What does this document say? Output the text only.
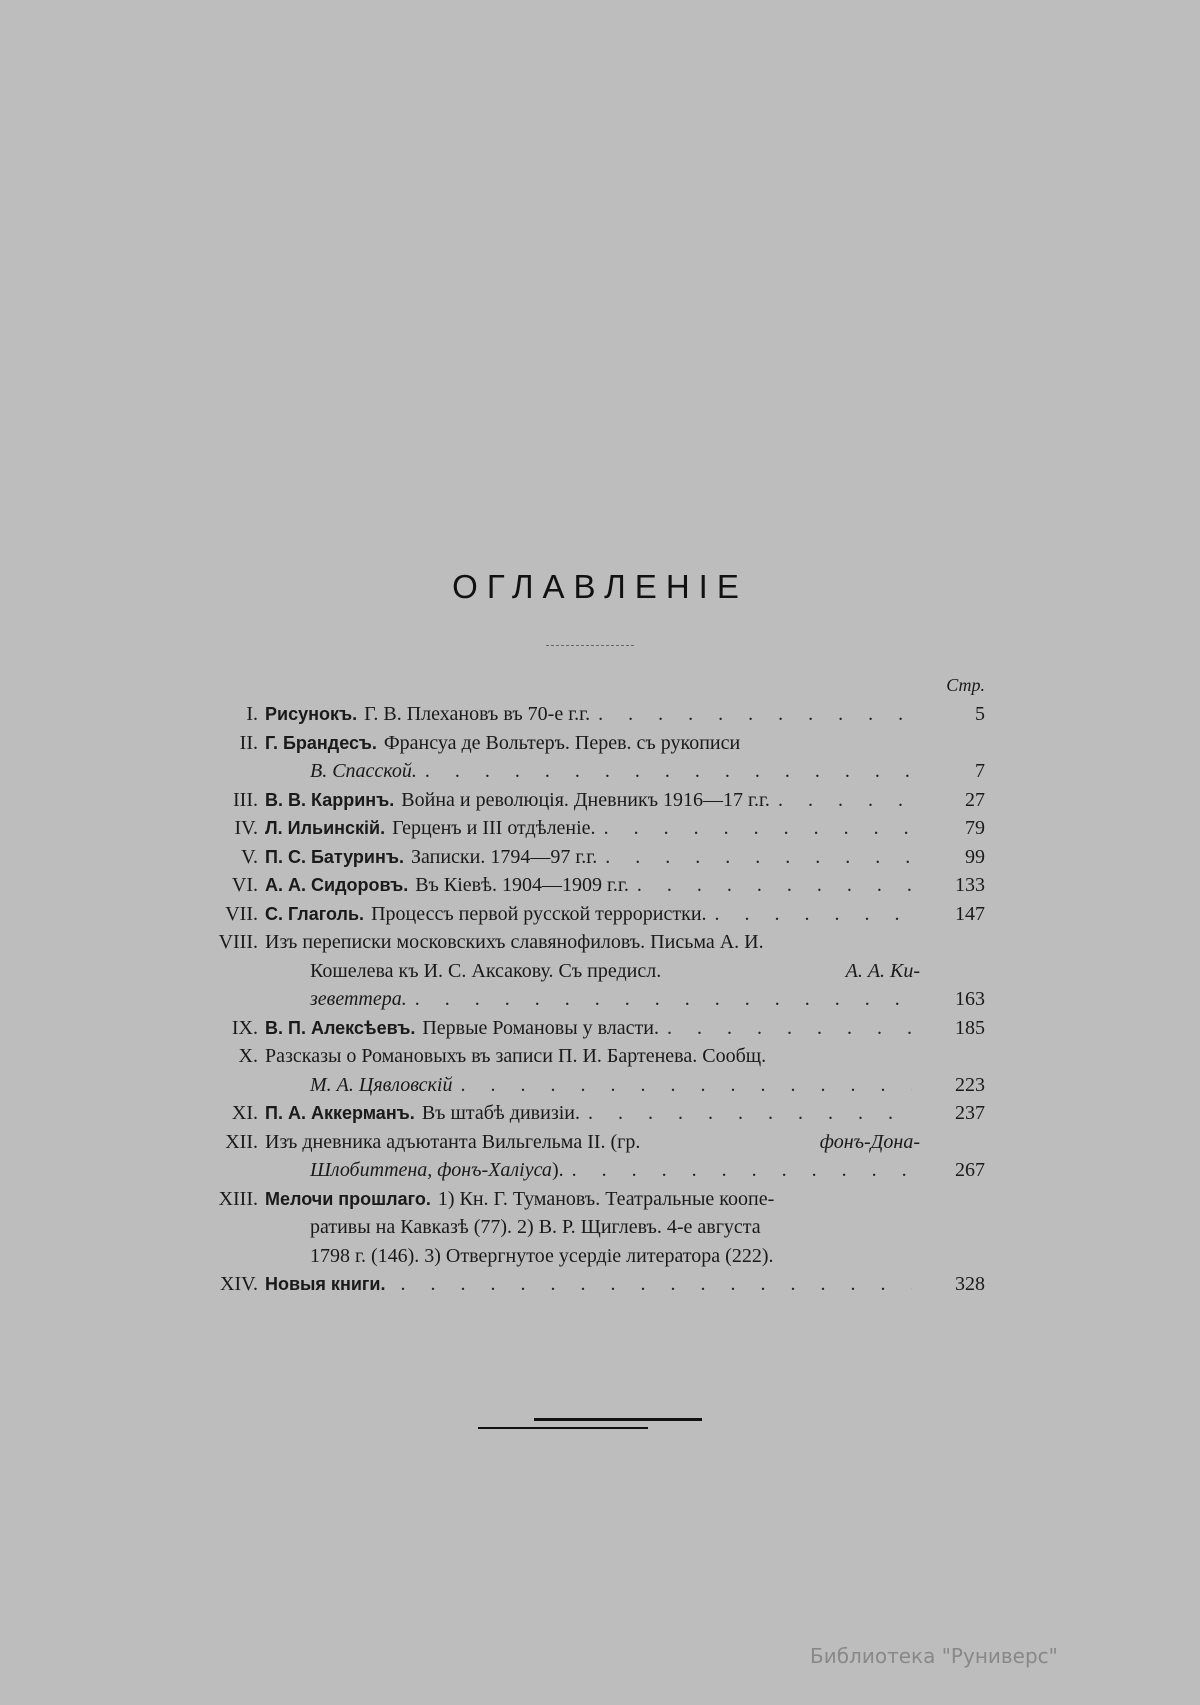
ОГЛАВЛЕНІЕ
Стр.
I. Рисунокъ. Г. В. Плехановъ въ 70-е г.г. . . .	5
II. Г. Брандесъ. Франсуа де Вольтеръ. Перев. съ рукописи
В. Спасской. . . .	7
III. В. В. Карринъ. Война и революція. Дневникъ 1916—17 г.г. . . .	27
IV. Л. Ильинскій. Герценъ и III отдѣленіе. . . .	79
V. П. С. Батуринъ. Записки. 1794—97 г.г. . . .	99
VI. А. А. Сидоровъ. Въ Кіевѣ. 1904—1909 г.г. . . .	133
VII. С. Глаголь. Процессъ первой русской террористки. . . .	147
VIII. Изъ переписки московскихъ славянофиловъ. Письма А. И.
Кошелева къ И. С. Аксакову. Съ предисл.	А. А. Ки-
зеветтера. . . .	163
IX. В. П. Алексѣевъ. Первые Романовы у власти. . . .	185
X. Разсказы о Романовыхъ въ записи П. И. Бартенева. Сообщ.
М. А. Цявловскій . . .	223
XI. П. А. Аккерманъ. Въ штабѣ дивизіи. . . .	237
XII. Изъ дневника адъютанта Вильгельма II. (гр.	фонъ-Дона-
Шлобиттена, фонъ-Халіуса ). . . .	267
XIII. Мелочи прошлаго. 1) Кн. Г. Тумановъ. Театральные коопе-
ративы на Кавказѣ (77). 2) В. Р. Щиглевъ. 4-е августа
1798 г. (146). 3) Отвергнутое усердіе литератора (222).
XIV. Новыя книги. . . .	328
Библиотека "Руниверс"
